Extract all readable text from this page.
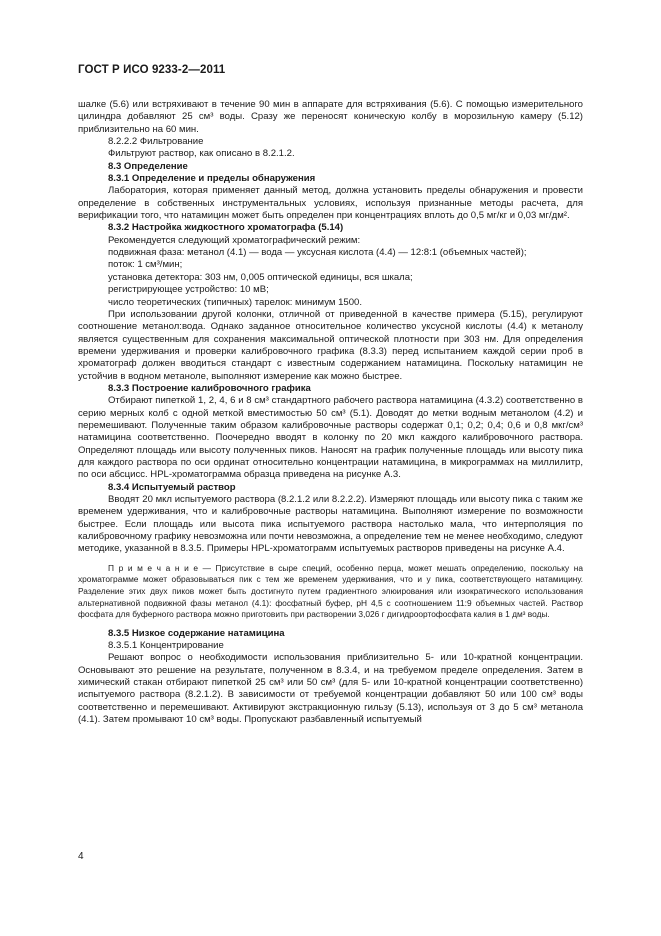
ГОСТ Р ИСО 9233-2—2011

шалке (5.6) или встряхивают в течение 90 мин в аппарате для встряхивания (5.6). С помощью измерительного цилиндра добавляют 25 см³ воды. Сразу же переносят коническую колбу в морозильную камеру (5.12) приблизительно на 60 мин.

8.2.2.2 Фильтрование

Фильтруют раствор, как описано в 8.2.1.2.

8.3 Определение

8.3.1 Определение и пределы обнаружения

Лаборатория, которая применяет данный метод, должна установить пределы обнаружения и провести определение в собственных инструментальных условиях, используя признанные методы расчета, для верификации того, что натамицин может быть определен при концентрациях вплоть до 0,5 мг/кг и 0,03 мг/дм².

8.3.2 Настройка жидкостного хроматографа (5.14)

Рекомендуется следующий хроматографический режим:

подвижная фаза: метанол (4.1) — вода — уксусная кислота (4.4) — 12:8:1 (объемных частей);

поток: 1 см³/мин;

установка детектора: 303 нм, 0,005 оптической единицы, вся шкала;

регистрирующее устройство: 10 мВ;

число теоретических (типичных) тарелок: минимум 1500.

При использовании другой колонки, отличной от приведенной в качестве примера (5.15), регулируют соотношение метанол:вода. Однако заданное относительное количество уксусной кислоты (4.4) к метанолу является существенным для сохранения максимальной оптической плотности при 303 нм. Для определения времени удерживания и проверки калибровочного графика (8.3.3) перед испытанием каждой серии проб в хроматограф должен вводиться стандарт с известным содержанием натамицина. Поскольку натамицин не устойчив в водном метаноле, выполняют измерение как можно быстрее.

8.3.3 Построение калибровочного графика

Отбирают пипеткой 1, 2, 4, 6 и 8 см³ стандартного рабочего раствора натамицина (4.3.2) соответственно в серию мерных колб с одной меткой вместимостью 50 см³ (5.1). Доводят до метки водным метанолом (4.2) и перемешивают. Полученные таким образом калибровочные растворы содержат 0,1; 0,2; 0,4; 0,6 и 0,8 мкг/см³ натамицина соответственно. Поочередно вводят в колонку по 20 мкл каждого калибровочного раствора. Определяют площадь или высоту полученных пиков. Наносят на график полученные площадь или высоту пика для каждого раствора по оси ординат относительно концентрации натамицина, в микрограммах на миллилитр, по оси абсцисс. HPL-хроматограмма образца приведена на рисунке А.3.

8.3.4 Испытуемый раствор

Вводят 20 мкл испытуемого раствора (8.2.1.2 или 8.2.2.2). Измеряют площадь или высоту пика с таким же временем удерживания, что и калибровочные растворы натамицина. Выполняют измерение по возможности быстрее. Если площадь или высота пика испытуемого раствора настолько мала, что интерполяция по калибровочному графику невозможна или почти невозможна, а определение тем не менее необходимо, следуют методике, указанной в 8.3.5. Примеры HPL-хроматограмм испытуемых растворов приведены на рисунке А.4.

П р и м е ч а н и е — Присутствие в сыре специй, особенно перца, может мешать определению, поскольку на хроматограмме может образовываться пик с тем же временем удерживания, что и у пика, соответствующего натамицину. Разделение этих двух пиков может быть достигнуто путем градиентного элюирования или изократического использования альтернативной подвижной фазы метанол (4.1): фосфатный буфер, рН 4,5 с соотношением 11:9 объемных частей. Раствор фосфата для буферного раствора можно приготовить при растворении 3,026 г дигидроортофосфата калия в 1 дм³ воды.

8.3.5 Низкое содержание натамицина

8.3.5.1 Концентрирование

Решают вопрос о необходимости использования приблизительно 5- или 10-кратной концентрации. Основывают это решение на результате, полученном в 8.3.4, и на требуемом пределе определения. Затем в химический стакан отбирают пипеткой 25 см³ или 50 см³ (для 5- или 10-кратной концентрации соответственно) испытуемого раствора (8.2.1.2). В зависимости от требуемой концентрации добавляют 50 или 100 см³ воды соответственно и перемешивают. Активируют экстракционную гильзу (5.13), используя от 3 до 5 см³ метанола (4.1). Затем промывают 10 см³ воды. Пропускают разбавленный испытуемый

4
